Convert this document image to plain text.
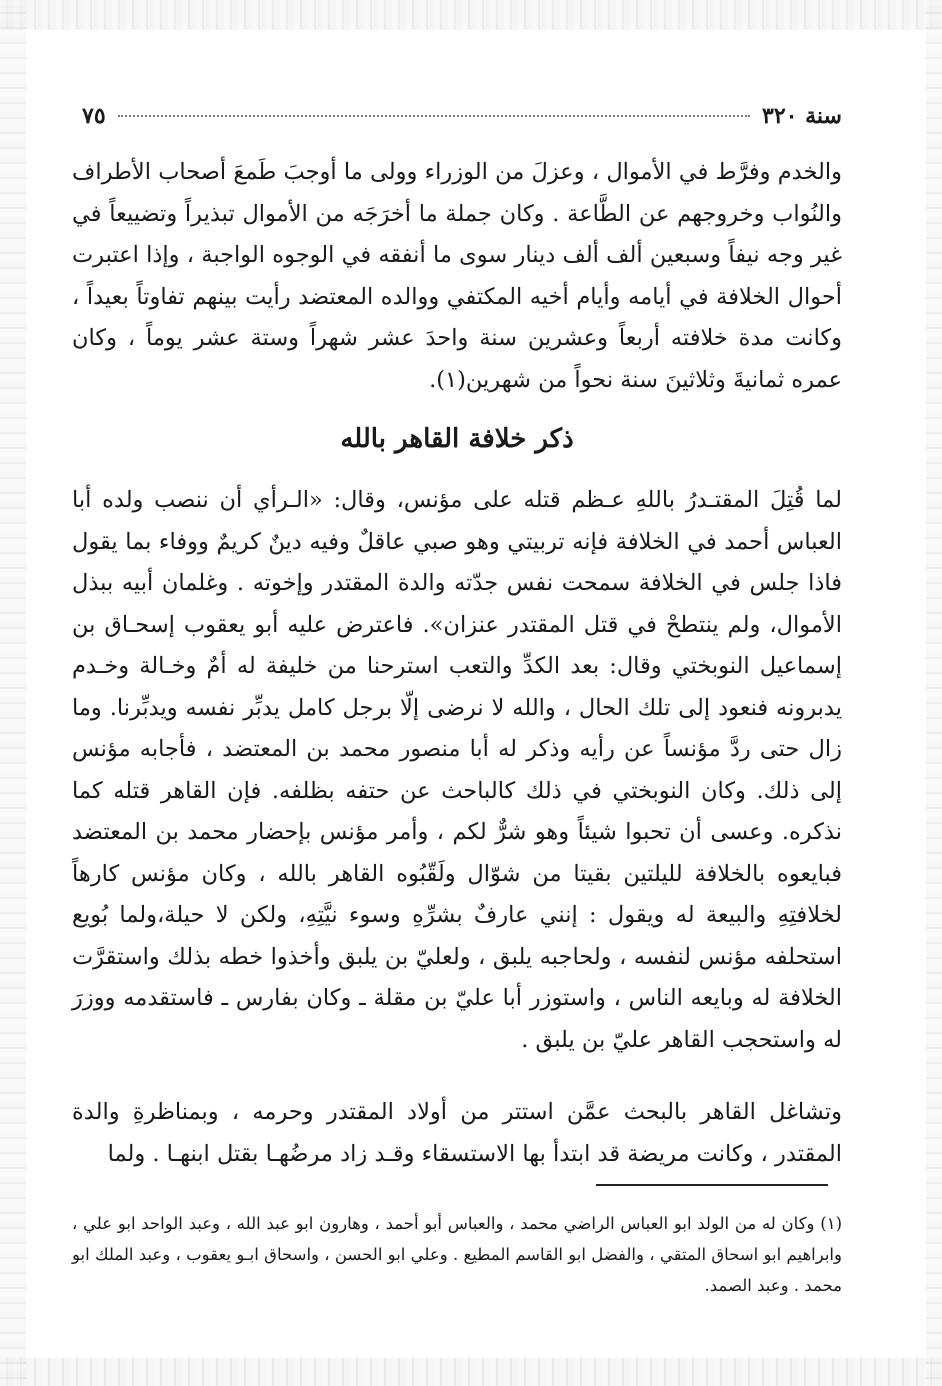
سنة ٣٢٠
٧٥

والخدم وفرَّط في الأموال ، وعزلَ من الوزراء وولى ما أوجبَ طَمعَ أصحاب الأطراف والنُواب وخروجهم عن الطَّاعة . وكان جملة ما أخرَجَه من الأموال تبذيراً وتضييعاً في غير وجه نيفاً وسبعين ألف ألف دينار سوى ما أنفقه في الوجوه الواجبة ، وإذا اعتبرت أحوال الخلافة في أيامه وأيام أخيه المكتفي ووالده المعتضد رأيت بينهم تفاوتاً بعيداً ، وكانت مدة خلافته أربعاً وعشرين سنة واحدَ عشر شهراً وستة عشر يوماً ، وكان عمره ثمانيةَ وثلاثينَ سنة نحواً من شهرين(١).

ذكر خلافة القاهر بالله

لما قُتِلَ المقتـدرُ باللهِ عـظم قتله على مؤنس، وقال: «الـرأي أن ننصب ولده أبا العباس أحمد في الخلافة فإنه تربيتي وهو صبي عاقلٌ وفيه دينٌ كريمٌ ووفاء بما يقول فاذا جلس في الخلافة سمحت نفس جدّته والدة المقتدر وإخوته . وغلمان أبيه ببذل الأموال، ولم ينتطحْ في قتل المقتدر عنزان». فاعترض عليه أبو يعقوب إسحـاق بن إسماعيل النوبختي وقال: بعد الكدِّ والتعب استرحنا من خليفة له أمٌ وخـالة وخـدم يدبرونه فنعود إلى تلك الحال ، والله لا نرضى إلّا برجل كامل يدبِّر نفسه ويدبِّرنا. وما زال حتى ردَّ مؤنساً عن رأيه وذكر له أبا منصور محمد بن المعتضد ، فأجابه مؤنس إلى ذلك. وكان النوبختي في ذلك كالباحث عن حتفه بظلفه. فإن القاهر قتله كما نذكره. وعسى أن تحبوا شيئاً وهو شرٌّ لكم ، وأمر مؤنس بإحضار محمد بن المعتضد فبايعوه بالخلافة لليلتين بقيتا من شوّال ولَقّبُوه القاهر بالله ، وكان مؤنس كارهاً لخلافتِهِ والبيعة له ويقول : إنني عارفٌ بشرِّهِ وسوء نيَّتِهِ، ولكن لا حيلة،ولما بُويع استحلفه مؤنس لنفسه ، ولحاجبه يلبق ، ولعليّ بن يلبق وأخذوا خطه بذلك واستقرَّت الخلافة له وبايعه الناس ، واستوزر أبا عليّ بن مقلة ـ وكان بفارس ـ فاستقدمه ووزرَ له واستحجب القاهر عليّ بن يلبق .

وتشاغل القاهر بالبحث عمَّن استتر من أولاد المقتدر وحرمه ، وبمناظرةِ والدة المقتدر ، وكانت مريضة قد ابتدأ بها الاستسقاء وقـد زاد مرضُهـا بقتل ابنهـا . ولما

(١) وكان له من الولد ابو العباس الراضي محمد ، والعباس أبو أحمد ، وهارون ابو عبد الله ، وعبد الواحد ابو علي ، وابراهيم ابو اسحاق المتقي ، والفضل ابو القاسم المطيع . وعلي ابو الحسن ، واسحاق ابـو يعقوب ، وعبد الملك ابو محمد . وعبد الصمد.
